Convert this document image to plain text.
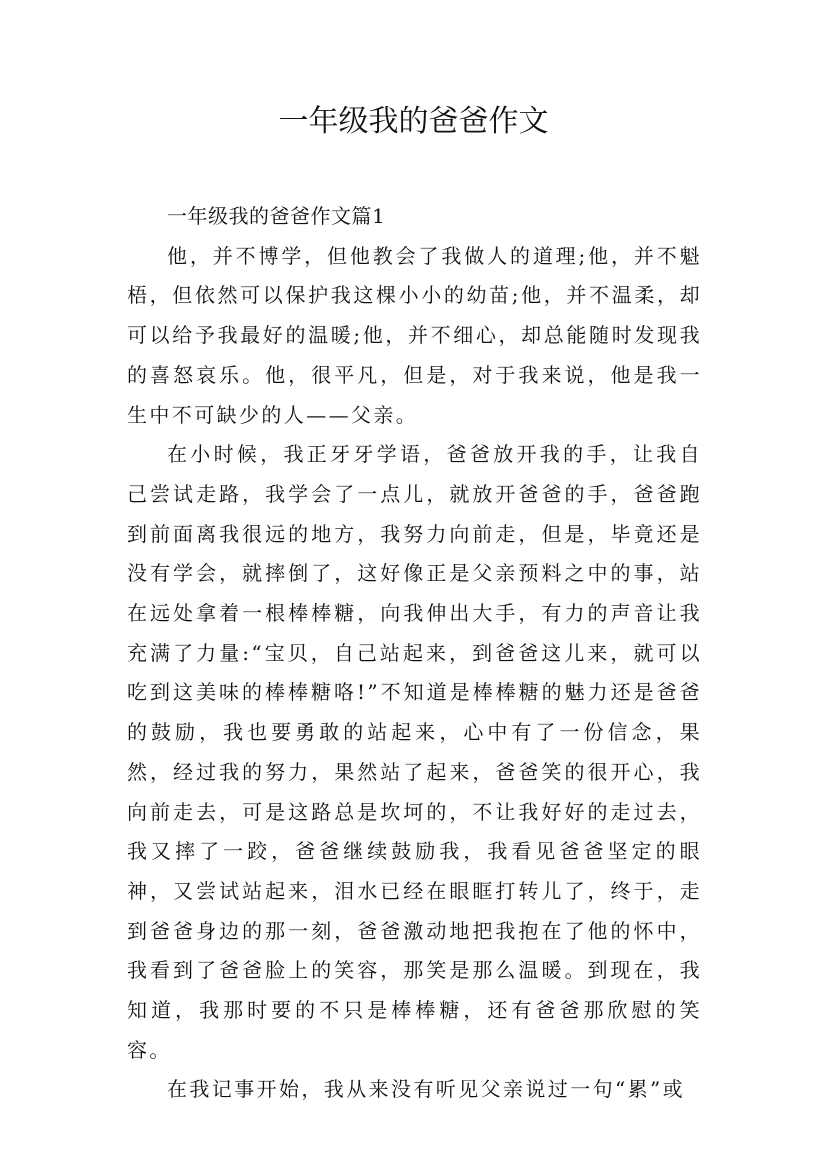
一年级我的爸爸作文
一年级我的爸爸作文篇1

他，并不博学，但他教会了我做人的道理;他，并不魁梧，但依然可以保护我这棵小小的幼苗;他，并不温柔，却可以给予我最好的温暖;他，并不细心，却总能随时发现我的喜怒哀乐。他，很平凡，但是，对于我来说，他是我一生中不可缺少的人——父亲。

在小时候，我正牙牙学语，爸爸放开我的手，让我自己尝试走路，我学会了一点儿，就放开爸爸的手，爸爸跑到前面离我很远的地方，我努力向前走，但是，毕竟还是没有学会，就摔倒了，这好像正是父亲预料之中的事，站在远处拿着一根棒棒糖，向我伸出大手，有力的声音让我充满了力量:“宝贝，自己站起来，到爸爸这儿来，就可以吃到这美味的棒棒糖咯!”不知道是棒棒糖的魅力还是爸爸的鼓励，我也要勇敢的站起来，心中有了一份信念，果然，经过我的努力，果然站了起来，爸爸笑的很开心，我向前走去，可是这路总是坎坷的，不让我好好的走过去，我又摔了一跤，爸爸继续鼓励我，我看见爸爸坚定的眼神，又尝试站起来，泪水已经在眼眶打转儿了，终于，走到爸爸身边的那一刻，爸爸激动地把我抱在了他的怀中，我看到了爸爸脸上的笑容，那笑是那么温暖。到现在，我知道，我那时要的不只是棒棒糖，还有爸爸那欣慰的笑容。

在我记事开始，我从来没有听见父亲说过一句“累”或
